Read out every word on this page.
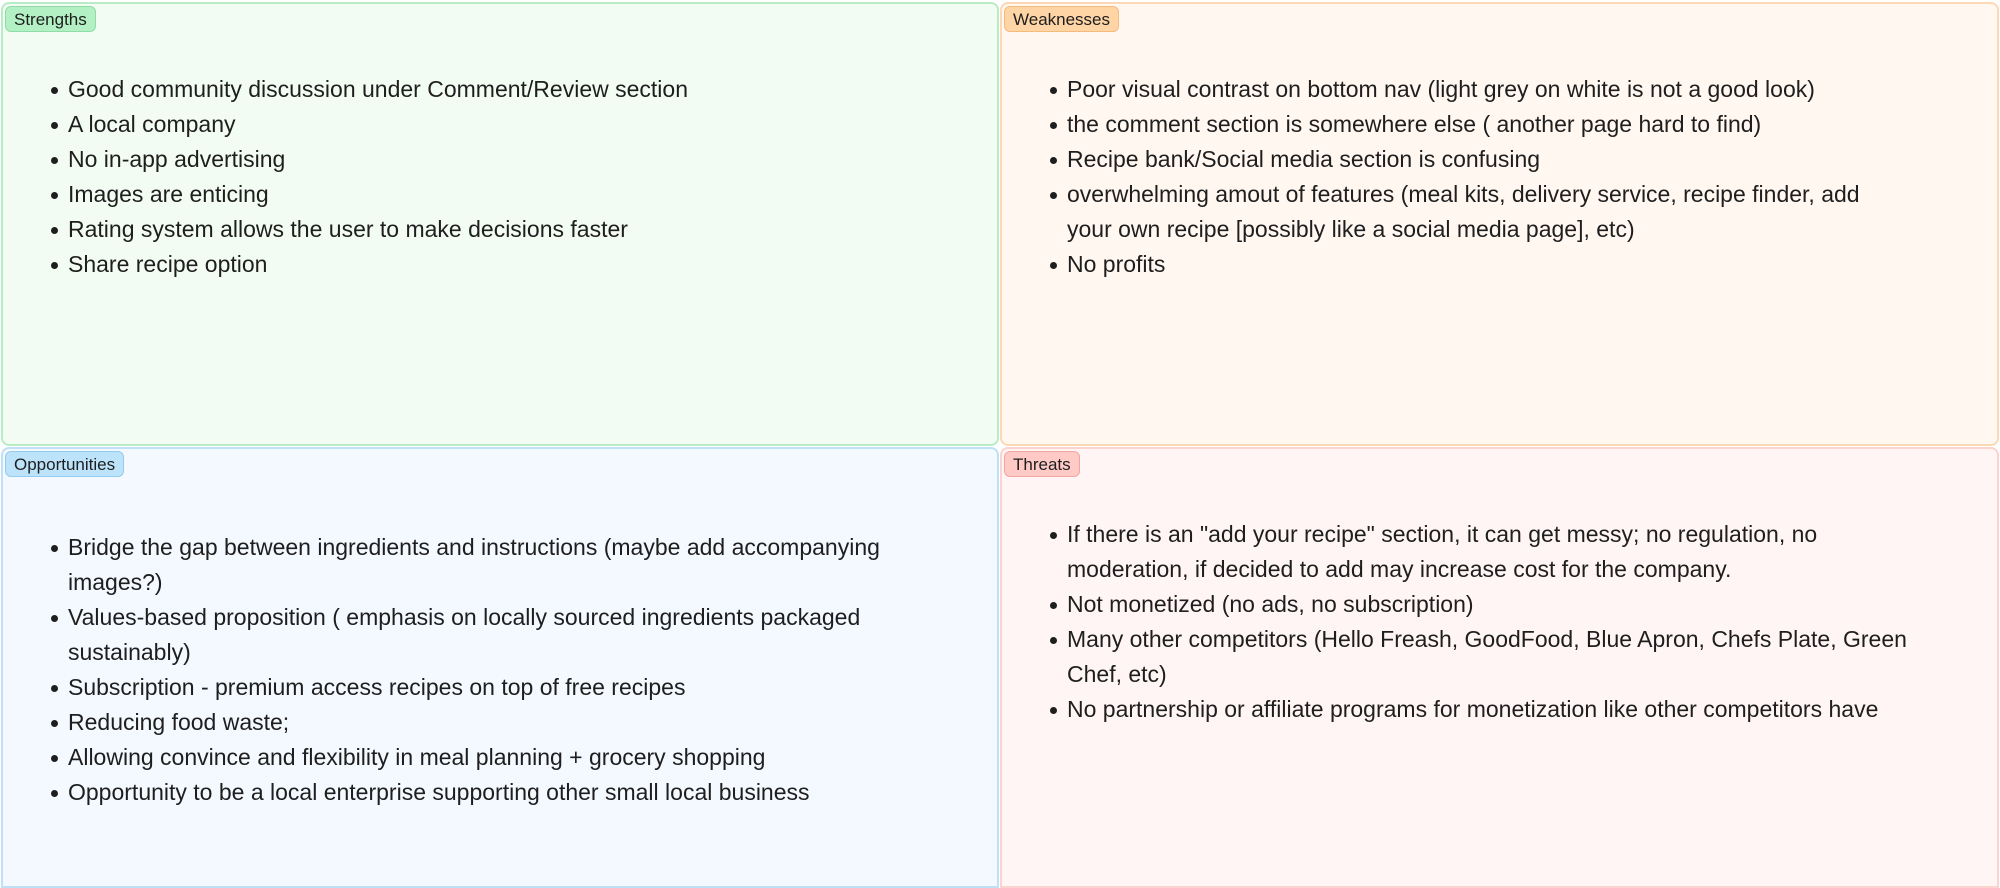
Strengths
Good community discussion under Comment/Review section
A local company
No in-app advertising
Images are enticing
Rating system allows the user to make decisions faster
Share recipe option
Weaknesses
Poor visual contrast on bottom nav (light grey on white is not a good look)
the comment section is somewhere else ( another page hard to find)
Recipe bank/Social media section is confusing
overwhelming amout of features (meal kits, delivery service, recipe finder, add your own recipe [possibly like a social media page], etc)
No profits
Opportunities
Bridge the gap between ingredients and instructions (maybe add accompanying images?)
Values-based proposition ( emphasis on locally sourced ingredients packaged sustainably)
Subscription - premium access recipes on top of free recipes
Reducing food waste;
Allowing convince and flexibility in meal planning + grocery shopping
Opportunity to be a local enterprise supporting other small local business
Threats
If there is an "add your recipe" section, it can get messy; no regulation, no moderation, if decided to add may increase cost for the company.
Not monetized (no ads, no subscription)
Many other competitors (Hello Freash, GoodFood, Blue Apron, Chefs Plate, Green Chef, etc)
No partnership or affiliate programs for monetization like other competitors have
